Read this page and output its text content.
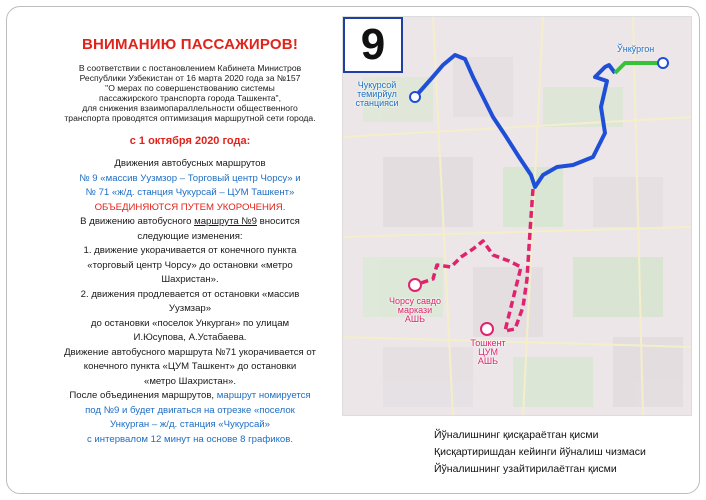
ВНИМАНИЮ ПАССАЖИРОВ!

В соответствии с постановлением Кабинета Министров

Республики Узбекистан от 16 марта 2020 года за №157

"О мерах по совершенствованию системы

пассажирского транспорта города Ташкента",

для снижения взаимопараллельности общественного

транспорта проводятся оптимизация маршрутной сети города.

с 1 октября 2020 года:

Движения автобусных маршрутов

№ 9 «массив Уузмзор – Торговый центр Чорсу» и

№ 71 «ж/д. станция Чукурсай – ЦУМ Ташкент»

ОБЪЕДИНЯЮТСЯ ПУТЕМ УКОРОЧЕНИЯ.

В движению автобусного маршрута №9 вносится

следующие изменения:

1. движение укорачивается от конечного пункта

«торговый центр Чорсу» до остановки «метро

Шахристан».

2. движения продлевается от остановки «массив

Уузмзар»

до остановки «поселок Ункурган» по улицам

И.Юсупова, А.Устабаева.

Движение автобусного маршрута №71 укорачивается от

конечного пункта «ЦУМ Ташкент» до остановки

«метро Шахристан».

После объединения маршрутов, маршрут номируется

под №9 и будет двигаться на отрезке «поселок

Ункурган – ж/д. станция «Чукурсай»

с интервалом 12 минут на основе 8 графиков.

9	Ўнкўргон
Чукурсой
темирйул
станцияси
Чорсу савдо
маркази
АШЬ
Тошкент
ЦУМ
АШЬ
Йўналишнинг қисқараётган қисми
Қисқартиришдан кейинги йўналиш чизмаси
Йўналишнинг узайтирилаётган қисми
